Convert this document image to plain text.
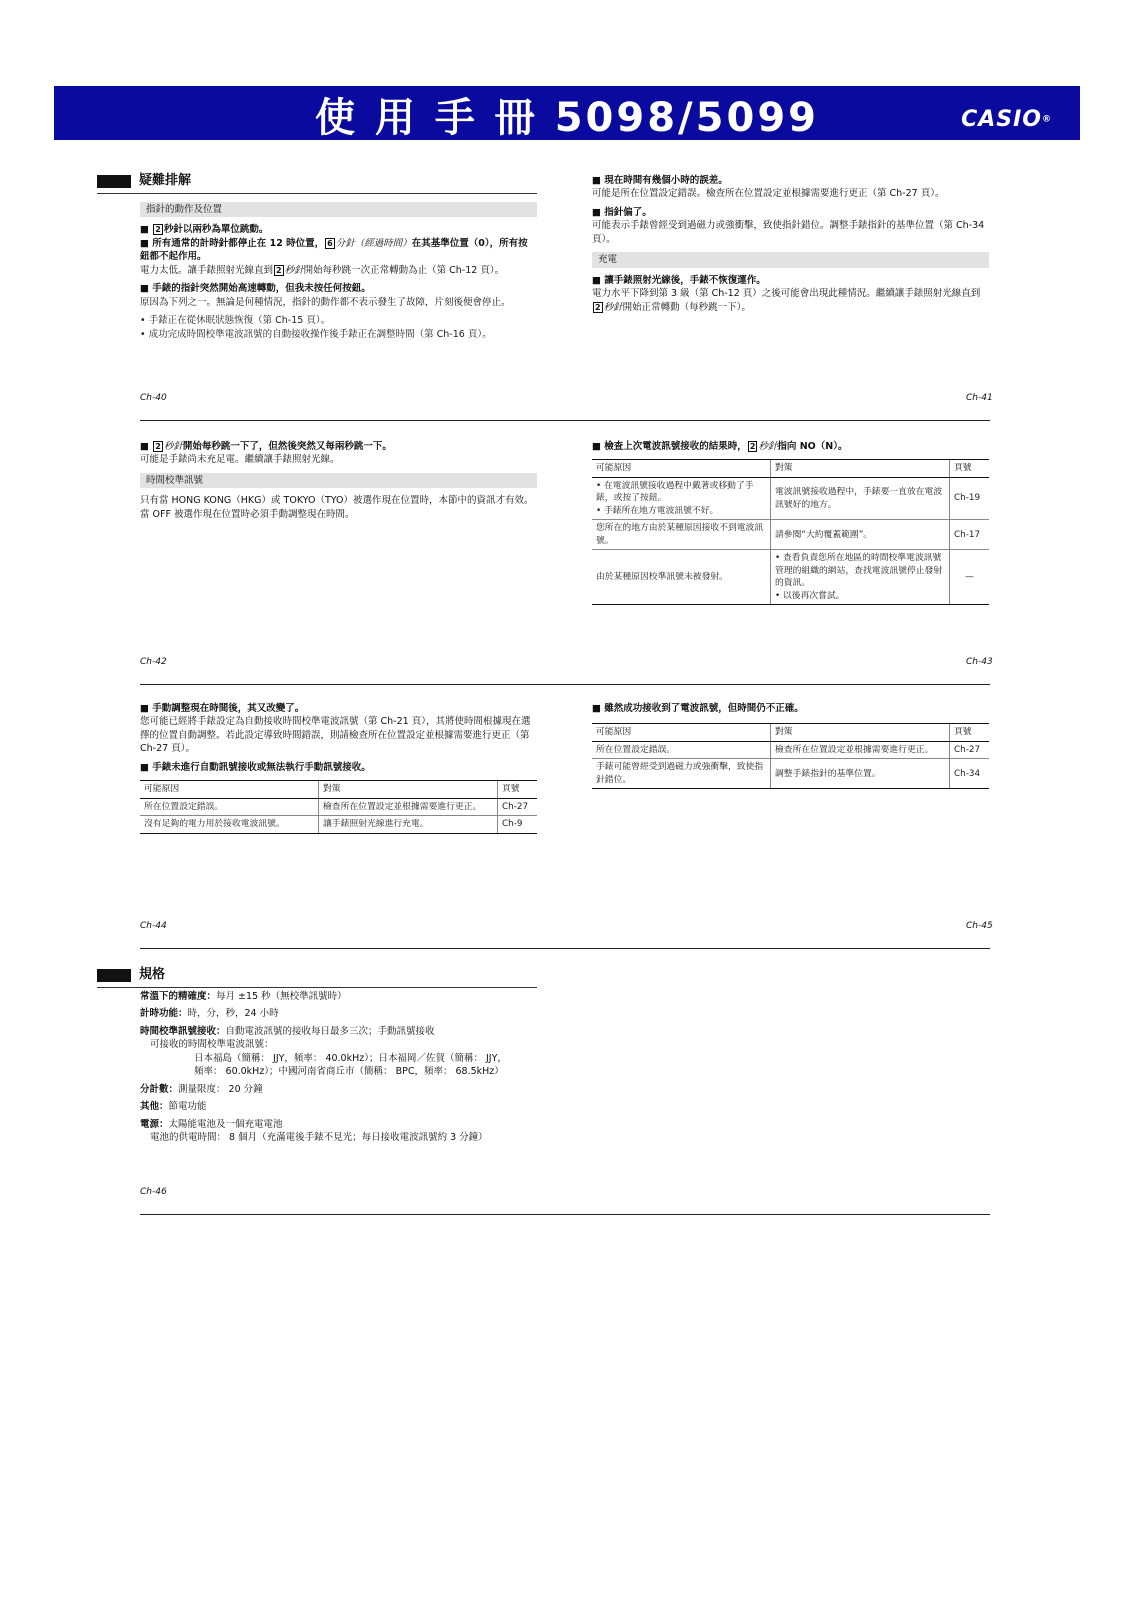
使 用 手 冊 5098/5099	CASIO®
疑難排解
指針的動作及位置
■ 2 秒針以兩秒為單位跳動。
■ 所有通常的計時針都停止在 12 時位置， 6 分針（經過時間）在其基準位置（0），所有按鈕都不起作用。

電力太低。讓手錶照射光線直到 2 秒針開始每秒跳一次正常轉動為止（第 Ch-12 頁）。

■ 手錶的指針突然開始高速轉動，但我未按任何按鈕。

原因為下列之一。無論是何種情況，指針的動作都不表示發生了故障，片刻後便會停止。

• 手錶正在從休眠狀態恢復（第 Ch-15 頁）。

• 成功完成時間校準電波訊號的自動接收操作後手錶正在調整時間（第 Ch-16 頁）。

Ch-40
■ 現在時間有幾個小時的誤差。

可能是所在位置設定錯誤。檢查所在位置設定並根據需要進行更正（第 Ch-27 頁）。

■ 指針偏了。

可能表示手錶曾經受到過磁力或強衝擊，致使指針錯位。調整手錶指針的基準位置（第 Ch-34 頁）。

充電
■ 讓手錶照射光線後，手錶不恢復運作。

電力水平下降到第 3 級（第 Ch-12 頁）之後可能會出現此種情況。繼續讓手錶照射光線直到2 秒針開始正常轉動（每秒跳一下）。

Ch-41
■ 2 秒針開始每秒跳一下了，但然後突然又每兩秒跳一下。

可能是手錶尚未充足電。繼續讓手錶照射光線。

時間校準訊號

只有當 HONG KONG（HKG）或 TOKYO（TYO）被選作現在位置時，本節中的資訊才有效。當 OFF 被選作現在位置時必須手動調整現在時間。

Ch-42
■ 檢查上次電波訊號接收的結果時， 2 秒針指向 NO（N）。
可能原因	對策	頁號

• 在電波訊號接收過程中戴著或移動了手錶，或按了按鈕。
• 手錶所在地方電波訊號不好。	電波訊號接收過程中，手錶要一直放在電波訊號好的地方。	Ch-19
您所在的地方由於某種原因接收不到電波訊號。	請參閱“大約覆蓋範圍”。	Ch-17
由於某種原因校準訊號未被發射。	• 查看負責您所在地區的時間校準電波訊號管理的組織的網站，查找電波訊號停止發射的資訊。
• 以後再次嘗試。	—
Ch-43
■ 手動調整現在時間後，其又改變了。

您可能已經將手錶設定為自動接收時間校準電波訊號（第 Ch-21 頁），其將使時間根據現在選擇的位置自動調整。若此設定導致時間錯誤，則請檢查所在位置設定並根據需要進行更正（第 Ch-27 頁）。

■ 手錶未進行自動訊號接收或無法執行手動訊號接收。
可能原因	對策	頁號
所在位置設定錯誤。	檢查所在位置設定並根據需要進行更正。	Ch-27
沒有足夠的電力用於接收電波訊號。	讓手錶照射光線進行充電。	Ch-9
Ch-44
■ 雖然成功接收到了電波訊號，但時間仍不正確。
可能原因	對策	頁號
所在位置設定錯誤。	檢查所在位置設定並根據需要進行更正。	Ch-27
手錶可能曾經受到過磁力或強衝擊，致使指針錯位。	調整手錶指針的基準位置。	Ch-34
Ch-45
規格

常溫下的精確度：每月 ±15 秒（無校準訊號時）

計時功能：時，分，秒，24 小時

時間校準訊號接收：自動電波訊號的接收每日最多三次；手動訊號接收

可接收的時間校準電波訊號：

日本福島（簡稱： JJY，頻率： 40.0kHz）；日本福岡／佐賀（簡稱： JJY，

頻率： 60.0kHz）；中國河南省商丘市（簡稱： BPC，頻率： 68.5kHz）

分計數：測量限度： 20 分鐘

其他：節電功能

電源：太陽能電池及一個充電電池

電池的供電時間： 8 個月（充滿電後手錶不見光；每日接收電波訊號約 3 分鐘）

Ch-46
